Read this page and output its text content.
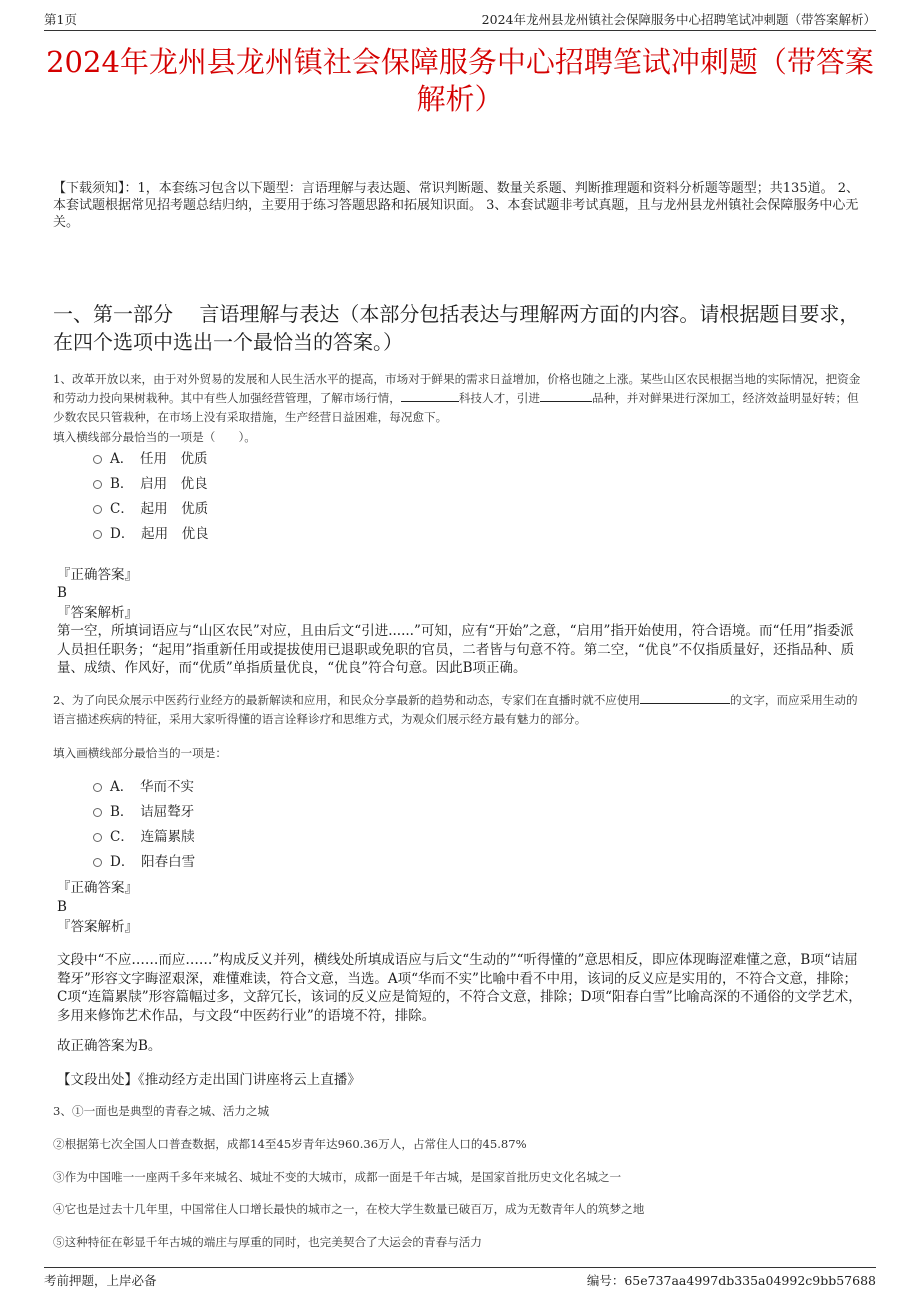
第1页	2024年龙州县龙州镇社会保障服务中心招聘笔试冲刺题（带答案解析）
2024年龙州县龙州镇社会保障服务中心招聘笔试冲刺题（带答案解析）
【下载须知】：1，本套练习包含以下题型：言语理解与表达题、常识判断题、数量关系题、判断推理题和资料分析题等题型；共135道。 2、本套试题根据常见招考题总结归纳，主要用于练习答题思路和拓展知识面。 3、本套试题非考试真题，且与龙州县龙州镇社会保障服务中心无关。
一、第一部分　 言语理解与表达（本部分包括表达与理解两方面的内容。请根据题目要求，在四个选项中选出一个最恰当的答案。）
1、改革开放以来，由于对外贸易的发展和人民生活水平的提高，市场对于鲜果的需求日益增加，价格也随之上涨。某些山区农民根据当地的实际情况，把资金和劳动力投向果树栽种。其中有些人加强经营管理，了解市场行情，	科技人才，引进	品种，并对鲜果进行深加工，经济效益明显好转；但少数农民只管栽种，在市场上没有采取措施，生产经营日益困难，每况愈下。
填入横线部分最恰当的一项是（　　）。
A．　任用　优质
B．　启用　优良
C．　起用　优质
D．　起用　优良
『正确答案』
B
『答案解析』
第一空，所填词语应与“山区农民”对应，且由后文“引进......”可知，应有“开始”之意，“启用”指开始使用，符合语境。而“任用”指委派人员担任职务；“起用”指重新任用或提拔使用已退职或免职的官员，二者皆与句意不符。第二空，“优良”不仅指质量好，还指品种、质量、成绩、作风好，而“优质”单指质量优良，“优良”符合句意。因此B项正确。
2、为了向民众展示中医药行业经方的最新解读和应用，和民众分享最新的趋势和动态，专家们在直播时就不应使用	的文字，而应采用生动的语言描述疾病的特征，采用大家听得懂的语言诠释诊疗和思维方式，为观众们展示经方最有魅力的部分。
填入画横线部分最恰当的一项是：
A．　华而不实
B．　诘屈聱牙
C．　连篇累牍
D．　阳春白雪
『正确答案』
B
『答案解析』
文段中“不应……而应……”构成反义并列，横线处所填成语应与后文“生动的”“听得懂的”意思相反，即应体现晦涩难懂之意，B项“诘屈聱牙”形容文字晦涩艰深，难懂难读，符合文意，当选。A项“华而不实”比喻中看不中用，该词的反义应是实用的，不符合文意，排除；C项“连篇累牍”形容篇幅过多，文辞冗长，该词的反义应是简短的，不符合文意，排除；D项“阳春白雪”比喻高深的不通俗的文学艺术，多用来修饰艺术作品，与文段“中医药行业”的语境不符，排除。
故正确答案为B。
【文段出处】《推动经方走出国门讲座将云上直播》
3、①一面也是典型的青春之城、活力之城
②根据第七次全国人口普查数据，成都14至45岁青年达960.36万人，占常住人口的45.87%
③作为中国唯一一座两千多年来城名、城址不变的大城市，成都一面是千年古城，是国家首批历史文化名城之一
④它也是过去十几年里，中国常住人口增长最快的城市之一，在校大学生数量已破百万，成为无数青年人的筑梦之地
⑤这种特征在彰显千年古城的端庄与厚重的同时，也完美契合了大运会的青春与活力
考前押题，上岸必备	编号：65e737aa4997db335a04992c9bb57688
